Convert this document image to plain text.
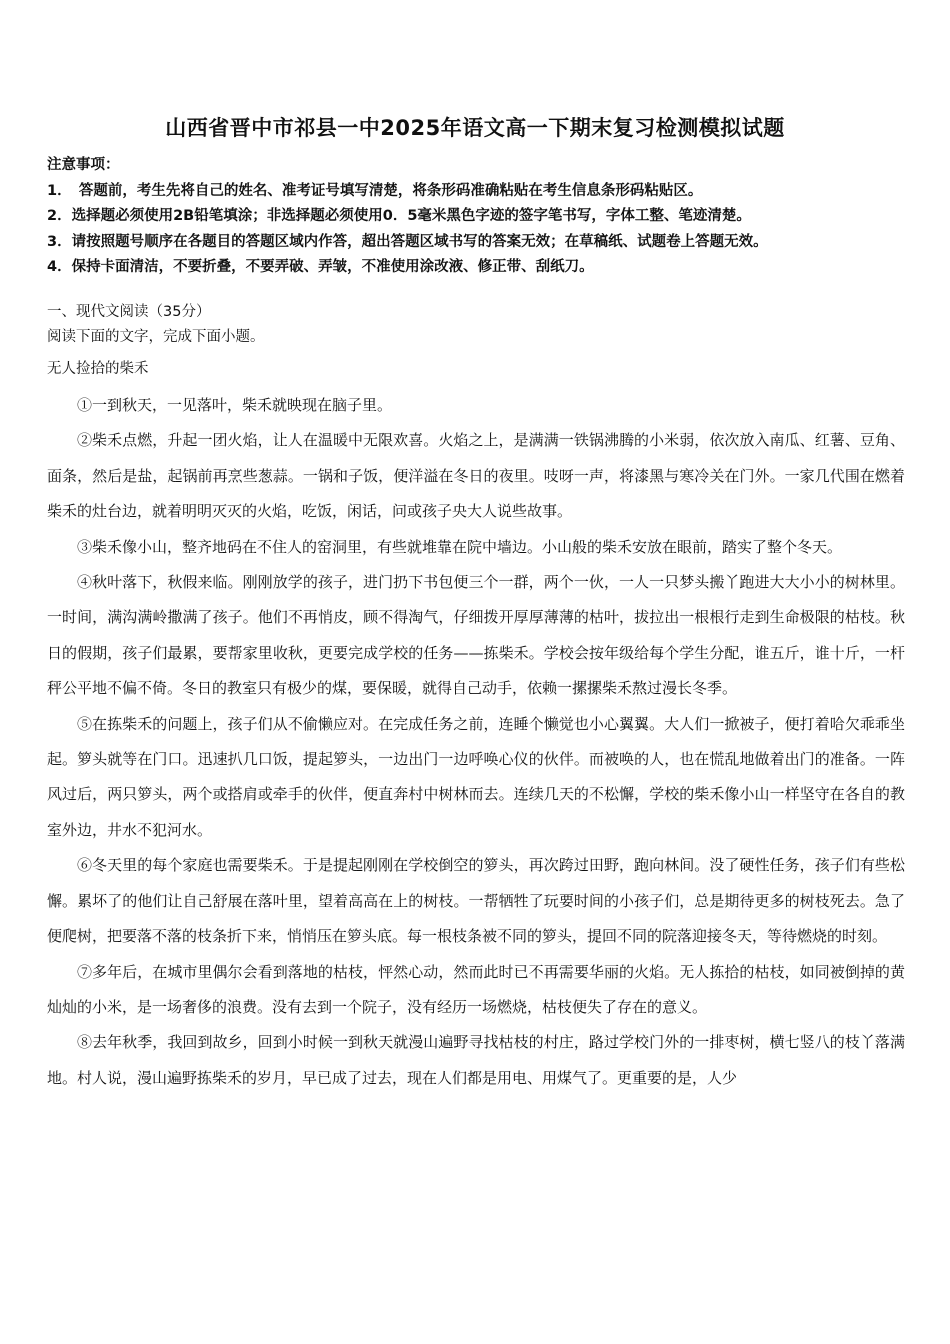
山西省晋中市祁县一中2025年语文高一下期末复习检测模拟试题
注意事项：
1．　答题前，考生先将自己的姓名、准考证号填写清楚，将条形码准确粘贴在考生信息条形码粘贴区。
2．选择题必须使用2B铅笔填涂；非选择题必须使用0．5毫米黑色字迹的签字笔书写，字体工整、笔迹清楚。
3．请按照题号顺序在各题目的答题区域内作答，超出答题区域书写的答案无效；在草稿纸、试题卷上答题无效。
4．保持卡面清洁，不要折叠，不要弄破、弄皱，不准使用涂改液、修正带、刮纸刀。
一、现代文阅读（35分）
阅读下面的文字，完成下面小题。
无人捡拾的柴禾

①一到秋天，一见落叶，柴禾就映现在脑子里。

②柴禾点燃，升起一团火焰，让人在温暖中无限欢喜。火焰之上，是满满一铁锅沸腾的小米弱，依次放入南瓜、红薯、豆角、面条，然后是盐，起锅前再烹些葱蒜。一锅和子饭，便洋溢在冬日的夜里。吱呀一声，将漆黑与寒冷关在门外。一家几代围在燃着柴禾的灶台边，就着明明灭灭的火焰，吃饭，闲话，问或孩子央大人说些故事。

③柴禾像小山，整齐地码在不住人的窑洞里，有些就堆靠在院中墙边。小山般的柴禾安放在眼前，踏实了整个冬天。

④秋叶落下，秋假来临。刚刚放学的孩子，进门扔下书包便三个一群，两个一伙，一人一只梦头搬丫跑进大大小小的树林里。一时间，满沟满岭撒满了孩子。他们不再悄皮，顾不得淘气，仔细拨开厚厚薄薄的枯叶，拔拉出一根根行走到生命极限的枯枝。秋日的假期，孩子们最累，要帮家里收秋，更要完成学校的任务——拣柴禾。学校会按年级给每个学生分配，谁五斤，谁十斤，一杆秤公平地不偏不倚。冬日的教室只有极少的煤，要保暖，就得自己动手，依赖一摞摞柴禾熬过漫长冬季。

⑤在拣柴禾的问题上，孩子们从不偷懒应对。在完成任务之前，连睡个懒觉也小心翼翼。大人们一掀被子，便打着哈欠乖乖坐起。箩头就等在门口。迅速扒几口饭，提起箩头，一边出门一边呼唤心仪的伙伴。而被唤的人，也在慌乱地做着出门的准备。一阵风过后，两只箩头，两个或搭肩或牵手的伙伴，便直奔村中树林而去。连续几天的不松懈，学校的柴禾像小山一样坚守在各自的教室外边，井水不犯河水。

⑥冬天里的每个家庭也需要柴禾。于是提起刚刚在学校倒空的箩头，再次跨过田野，跑向林间。没了硬性任务，孩子们有些松懈。累坏了的他们让自己舒展在落叶里，望着高高在上的树枝。一帮牺牲了玩要时间的小孩子们，总是期待更多的树枝死去。急了便爬树，把要落不落的枝条折下来，悄悄压在箩头底。每一根枝条被不同的箩头，提回不同的院落迎接冬天，等待燃烧的时刻。

⑦多年后，在城市里偶尔会看到落地的枯枝，怦然心动，然而此时已不再需要华丽的火焰。无人拣拾的枯枝，如同被倒掉的黄灿灿的小米，是一场奢侈的浪费。没有去到一个院子，没有经历一场燃烧，枯枝便失了存在的意义。

⑧去年秋季，我回到故乡，回到小时候一到秋天就漫山遍野寻找枯枝的村庄，路过学校门外的一排枣树，横七竖八的枝丫落满地。村人说，漫山遍野拣柴禾的岁月，早已成了过去，现在人们都是用电、用煤气了。更重要的是，人少
